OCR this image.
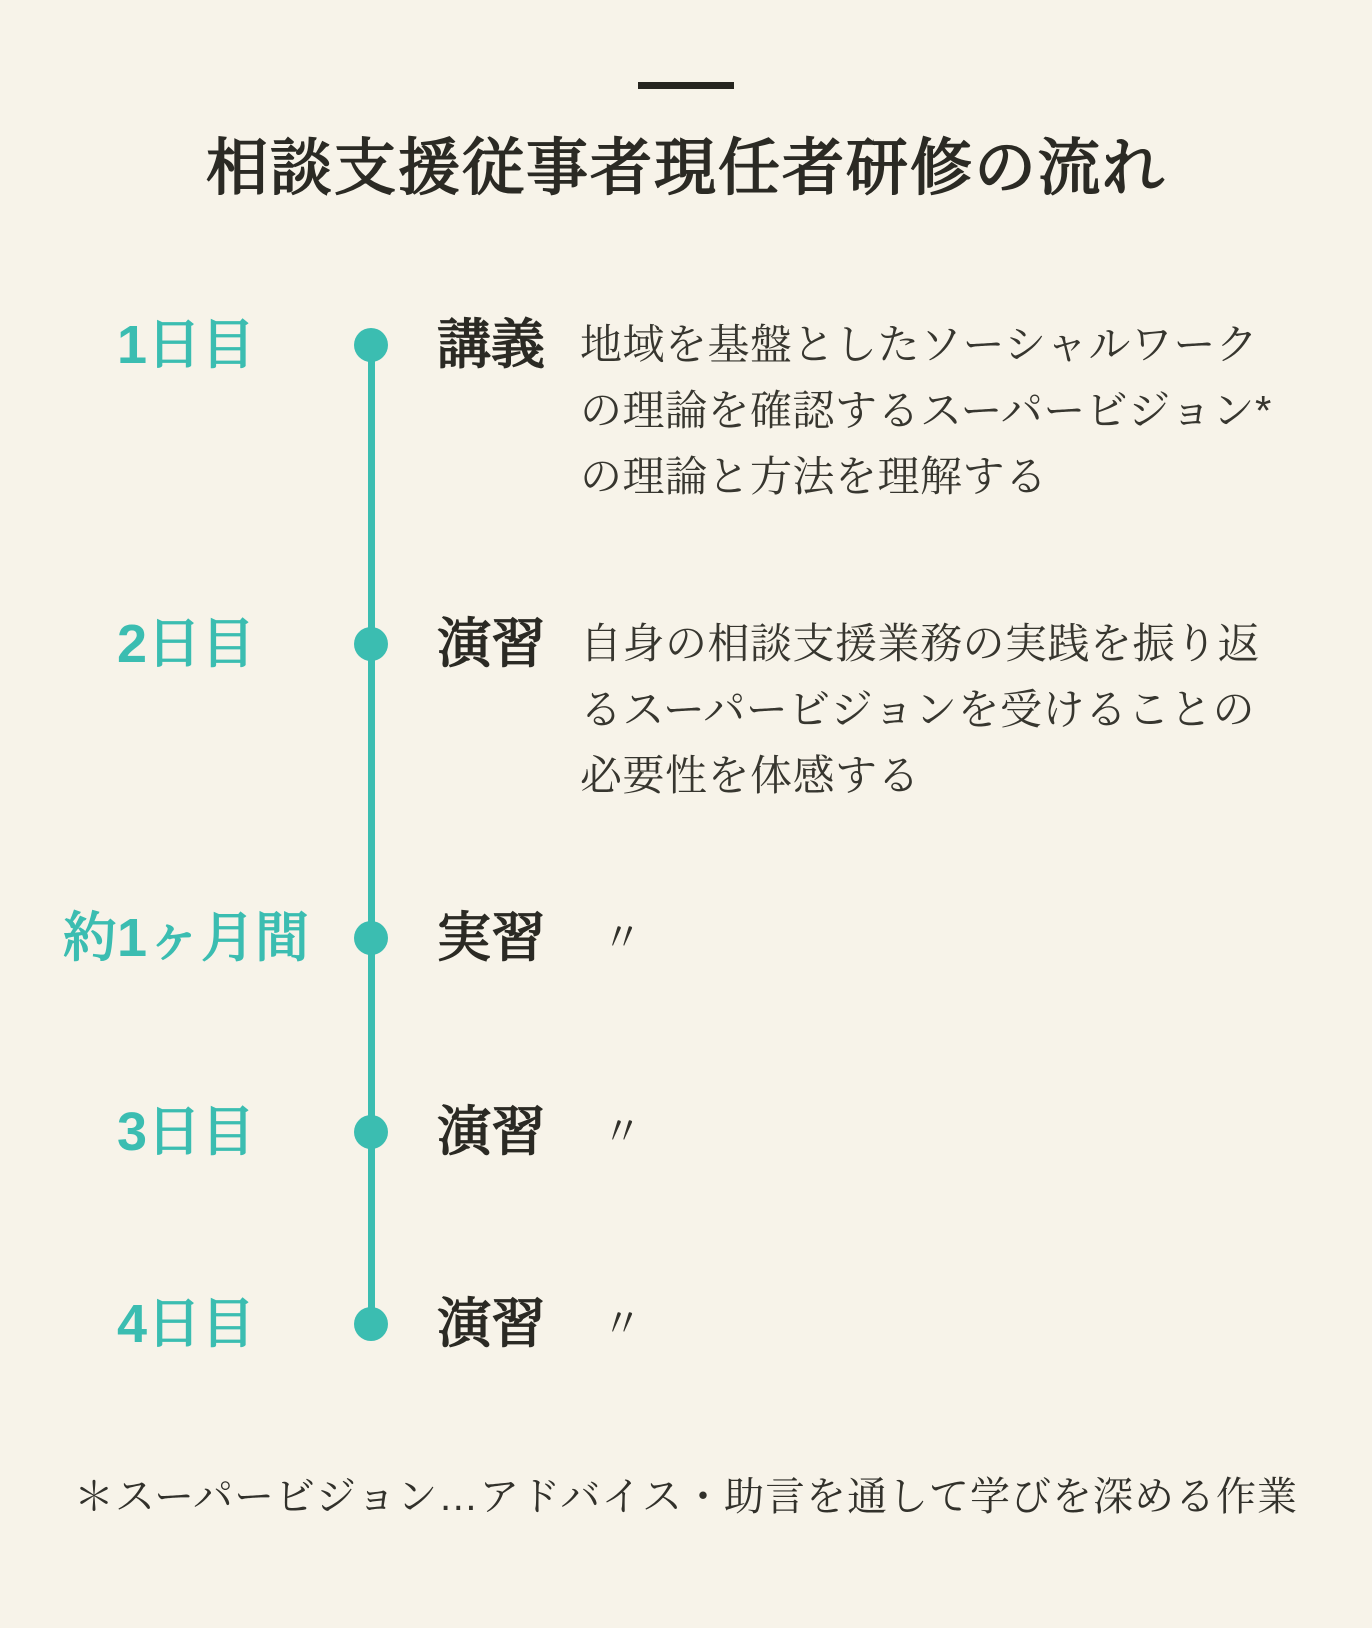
相談支援従事者現任者研修の流れ
1日目	講義 地域を基盤としたソーシャルワークの理論を確認するスーパービジョン*の理論と方法を理解する
2日目	演習 自身の相談支援業務の実践を振り返るスーパービジョンを受けることの必要性を体感する
約1ヶ月間	実習	〃
3日目	演習	〃
4日目	演習	〃
＊スーパービジョン…アドバイス・助言を通して学びを深める作業
